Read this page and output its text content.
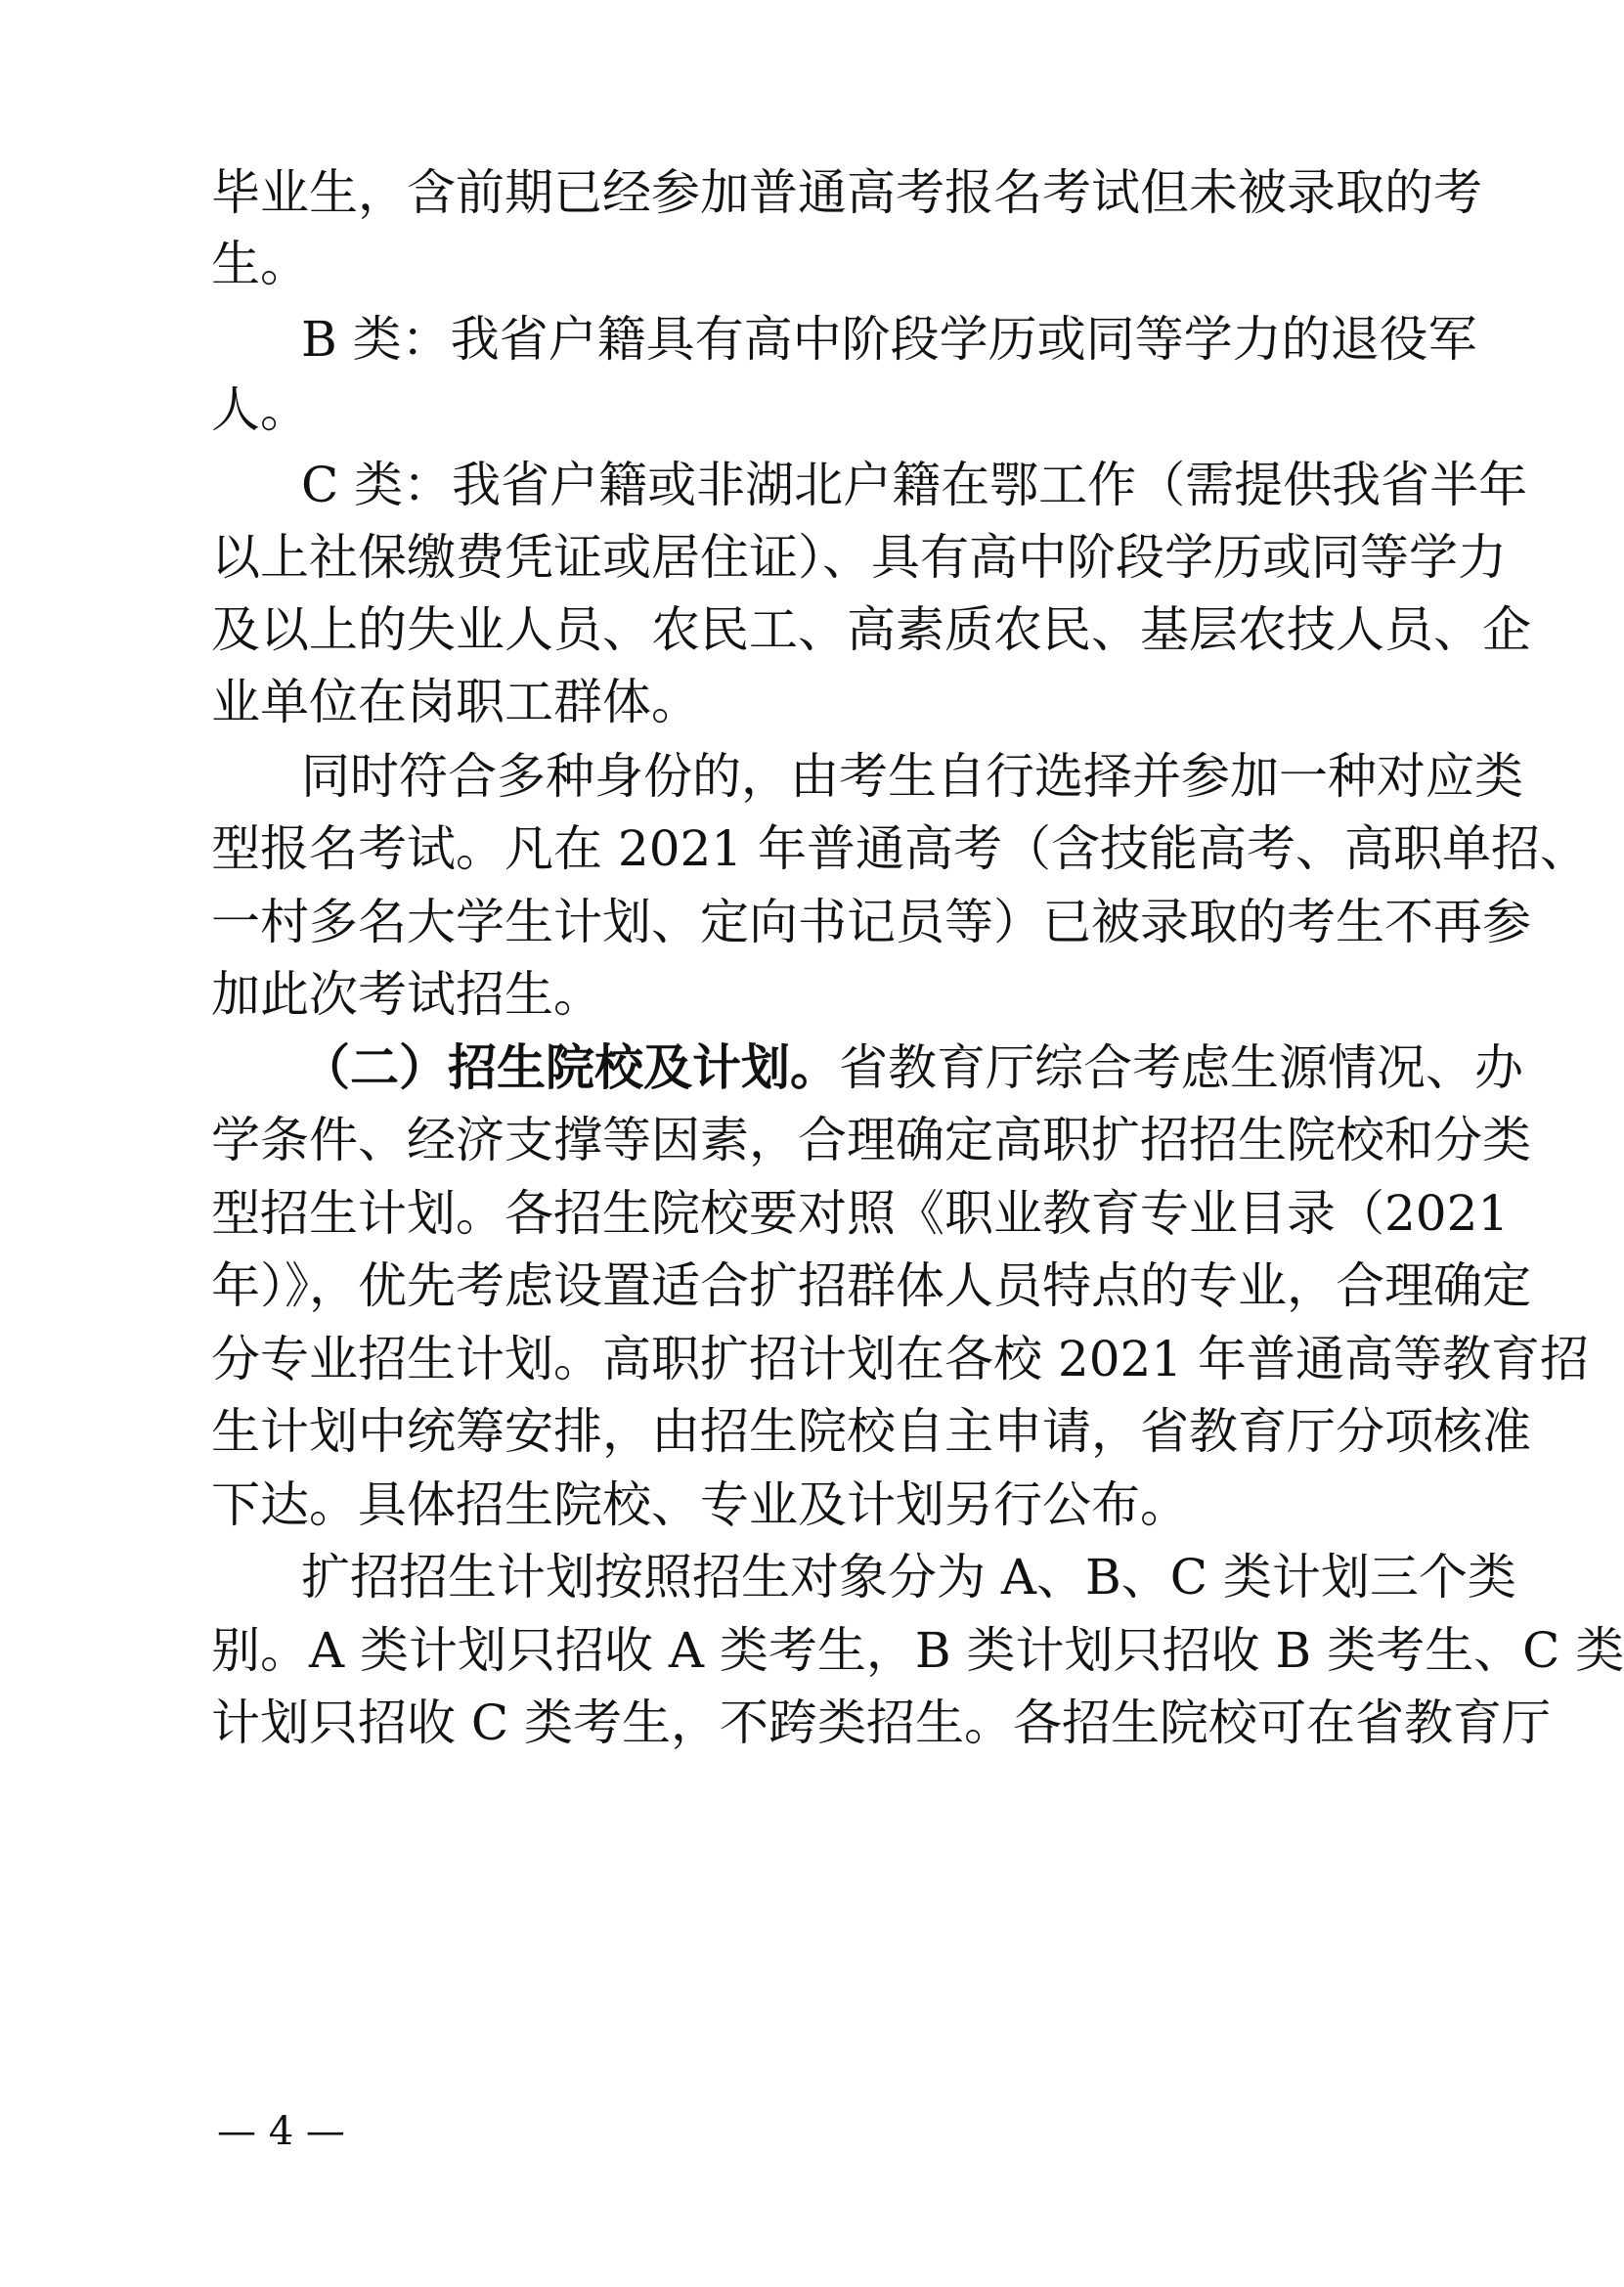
毕业生，含前期已经参加普通高考报名考试但未被录取的考
生。
B 类：我省户籍具有高中阶段学历或同等学力的退役军
人。
C 类：我省户籍或非湖北户籍在鄂工作（需提供我省半年
以上社保缴费凭证或居住证）、具有高中阶段学历或同等学力
及以上的失业人员、农民工、高素质农民、基层农技人员、企
业单位在岗职工群体。
同时符合多种身份的，由考生自行选择并参加一种对应类
型报名考试。凡在 2021 年普通高考（含技能高考、高职单招、
一村多名大学生计划、定向书记员等）已被录取的考生不再参
加此次考试招生。
（二）招生院校及计划。省教育厅综合考虑生源情况、办
学条件、经济支撑等因素，合理确定高职扩招招生院校和分类
型招生计划。各招生院校要对照《职业教育专业目录（2021
年）》，优先考虑设置适合扩招群体人员特点的专业，合理确定
分专业招生计划。高职扩招计划在各校 2021 年普通高等教育招
生计划中统筹安排，由招生院校自主申请，省教育厅分项核准
下达。具体招生院校、专业及计划另行公布。
扩招招生计划按照招生对象分为 A、B、C 类计划三个类
别。A 类计划只招收 A 类考生，B 类计划只招收 B 类考生、C 类
计划只招收 C 类考生，不跨类招生。各招生院校可在省教育厅
— 4 —
